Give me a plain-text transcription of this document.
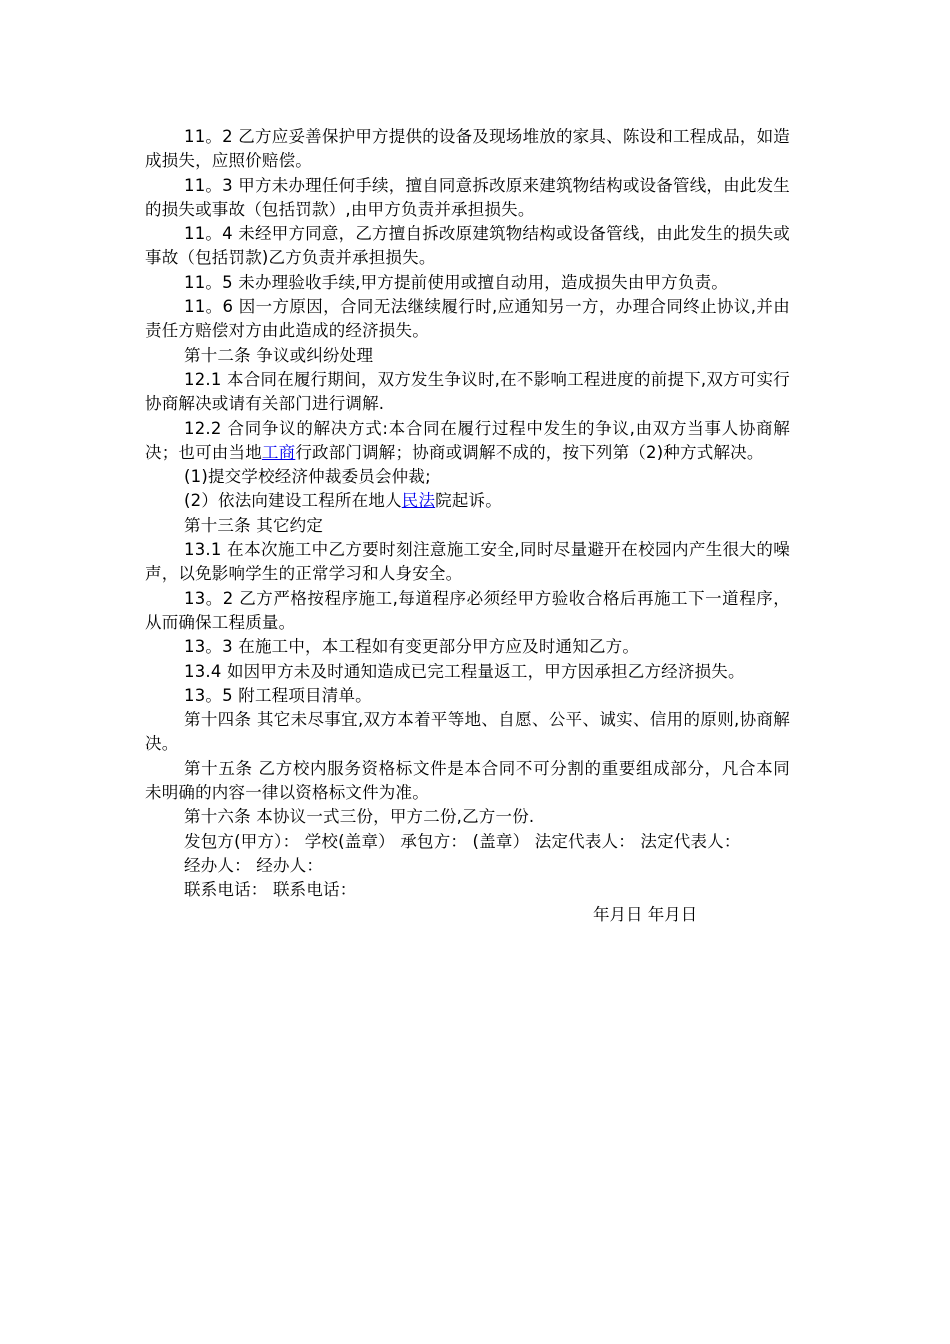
11。2 乙方应妥善保护甲方提供的设备及现场堆放的家具、陈设和工程成品，如造成损失，应照价赔偿。

11。3 甲方未办理任何手续，擅自同意拆改原来建筑物结构或设备管线，由此发生的损失或事故（包括罚款）,由甲方负责并承担损失。

11。4 未经甲方同意，乙方擅自拆改原建筑物结构或设备管线，由此发生的损失或事故（包括罚款)乙方负责并承担损失。

11。5 未办理验收手续,甲方提前使用或擅自动用，造成损失由甲方负责。

11。6 因一方原因，合同无法继续履行时,应通知另一方，办理合同终止协议,并由责任方赔偿对方由此造成的经济损失。

第十二条 争议或纠纷处理

12.1 本合同在履行期间，双方发生争议时,在不影响工程进度的前提下,双方可实行协商解决或请有关部门进行调解.

12.2 合同争议的解决方式:本合同在履行过程中发生的争议,由双方当事人协商解决；也可由当地工商行政部门调解；协商或调解不成的，按下列第（2)种方式解决。

(1)提交学校经济仲裁委员会仲裁;

(2）依法向建设工程所在地人民法院起诉。

第十三条 其它约定

13.1 在本次施工中乙方要时刻注意施工安全,同时尽量避开在校园内产生很大的噪声，以免影响学生的正常学习和人身安全。

13。2 乙方严格按程序施工,每道程序必须经甲方验收合格后再施工下一道程序，从而确保工程质量。

13。3 在施工中，本工程如有变更部分甲方应及时通知乙方。

13.4 如因甲方未及时通知造成已完工程量返工，甲方因承担乙方经济损失。

13。5 附工程项目清单。

第十四条 其它未尽事宜,双方本着平等地、自愿、公平、诚实、信用的原则,协商解决。

第十五条 乙方校内服务资格标文件是本合同不可分割的重要组成部分，凡合本同未明确的内容一律以资格标文件为准。

第十六条 本协议一式三份，甲方二份,乙方一份.

发包方(甲方）： 学校(盖章） 承包方： (盖章） 法定代表人： 法定代表人：

经办人： 经办人：

联系电话： 联系电话：

年月日 年月日
